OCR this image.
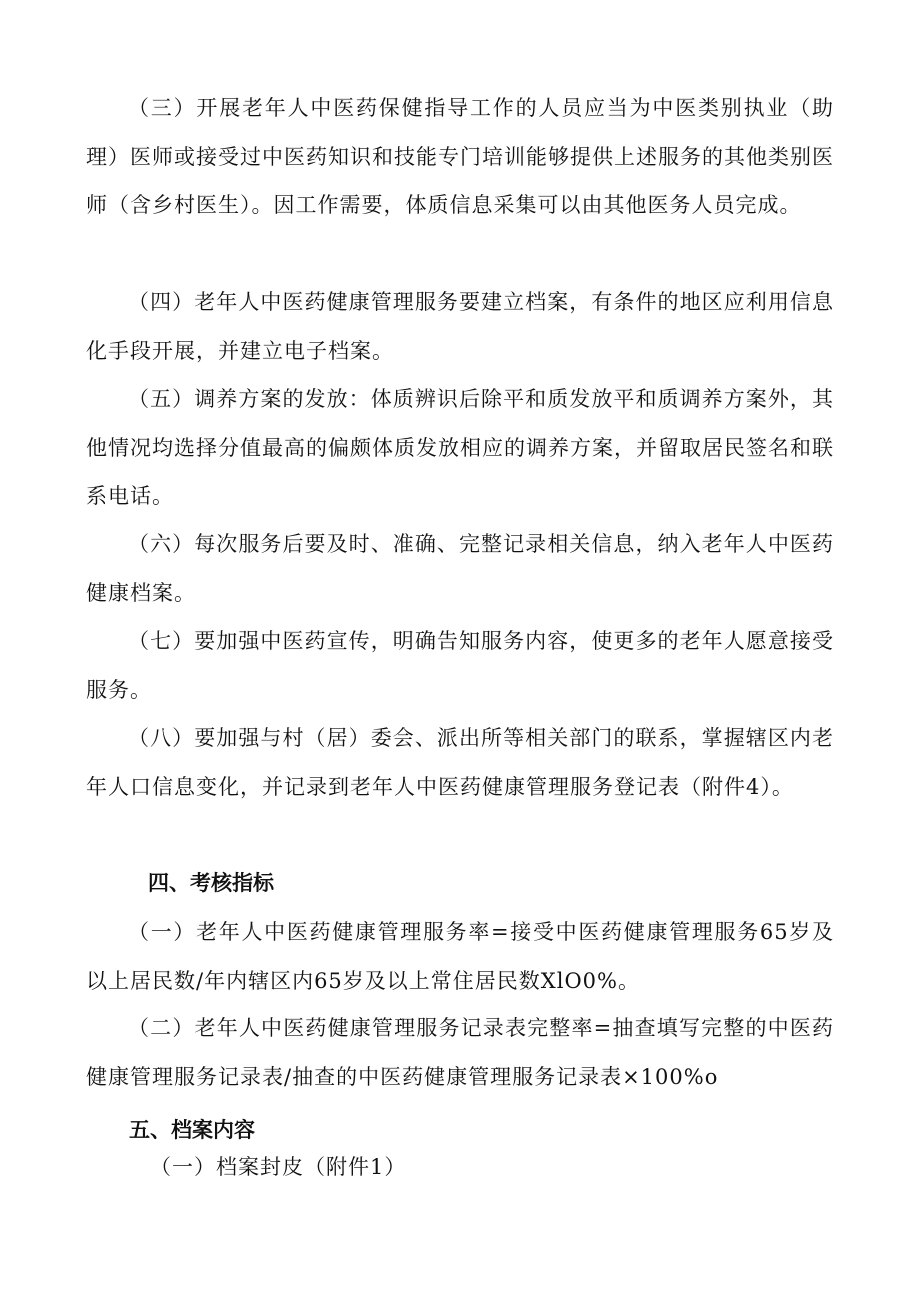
（三）开展老年人中医药保健指导工作的人员应当为中医类别执业（助理）医师或接受过中医药知识和技能专门培训能够提供上述服务的其他类别医师（含乡村医生）。因工作需要，体质信息采集可以由其他医务人员完成。

（四）老年人中医药健康管理服务要建立档案，有条件的地区应利用信息化手段开展，并建立电子档案。

（五）调养方案的发放：体质辨识后除平和质发放平和质调养方案外，其他情况均选择分值最高的偏颇体质发放相应的调养方案，并留取居民签名和联系电话。

（六）每次服务后要及时、准确、完整记录相关信息，纳入老年人中医药健康档案。

（七）要加强中医药宣传，明确告知服务内容，使更多的老年人愿意接受服务。

（八）要加强与村（居）委会、派出所等相关部门的联系，掌握辖区内老年人口信息变化，并记录到老年人中医药健康管理服务登记表（附件4）。

四、考核指标

（一）老年人中医药健康管理服务率=接受中医药健康管理服务65岁及以上居民数/年内辖区内65岁及以上常住居民数XlO0%。

（二）老年人中医药健康管理服务记录表完整率=抽查填写完整的中医药健康管理服务记录表/抽查的中医药健康管理服务记录表×100%o

五、档案内容

（一）档案封皮（附件1）
